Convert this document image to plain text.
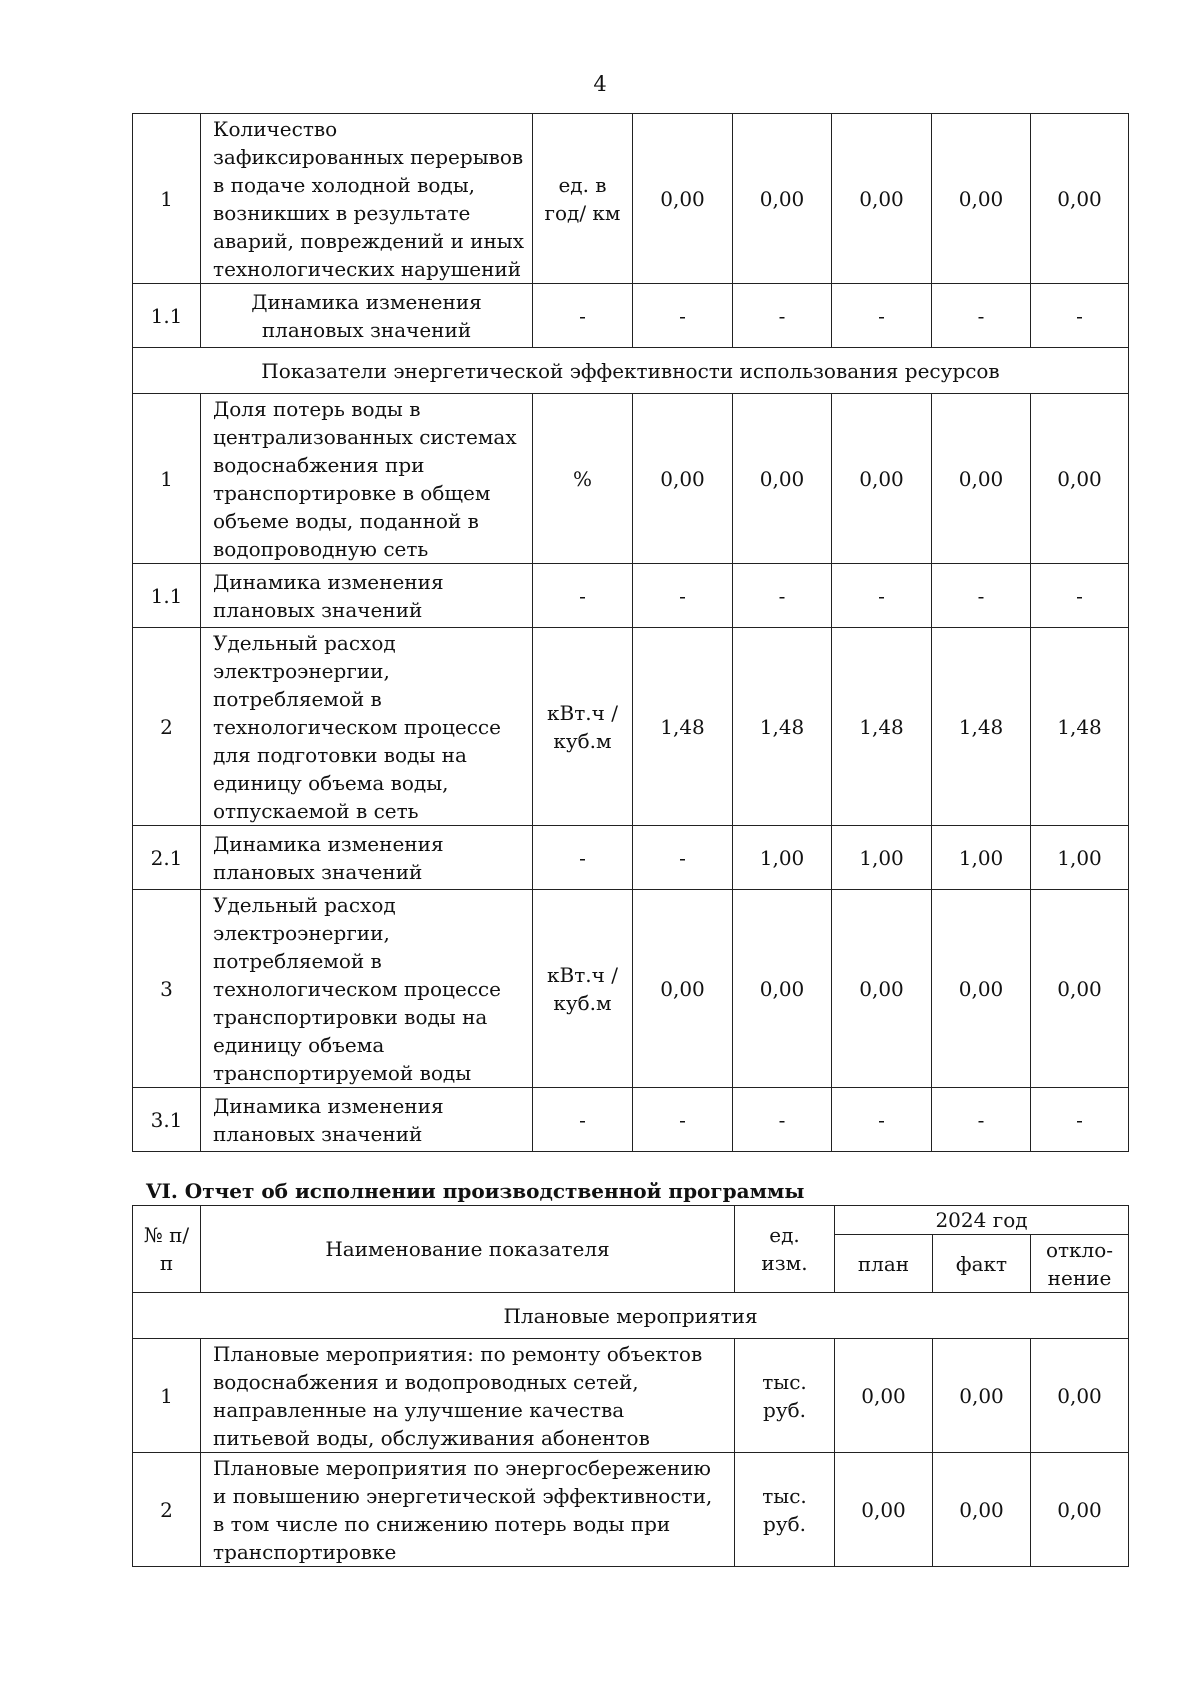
4
1	Количество зафиксированных перерывов в подаче холодной воды, возникших в результате аварий, повреждений и иных технологических нарушений	ед. в год/ км	0,00	0,00	0,00	0,00	0,00
1.1	Динамика изменения плановых значений	-	-	-	-	-	-
Показатели энергетической эффективности использования ресурсов							
1	Доля потерь воды в централизованных системах водоснабжения при транспортировке в общем объеме воды, поданной в водопроводную сеть	%	0,00	0,00	0,00	0,00	0,00
1.1	Динамика изменения плановых значений	-	-	-	-	-	-
2	Удельный расход электроэнергии, потребляемой в технологическом процессе для подготовки воды на единицу объема воды, отпускаемой в сеть	кВт.ч / куб.м	1,48	1,48	1,48	1,48	1,48
2.1	Динамика изменения плановых значений	-	-	1,00	1,00	1,00	1,00
3	Удельный расход электроэнергии, потребляемой в технологическом процессе транспортировки воды на единицу объема транспортируемой воды	кВт.ч / куб.м	0,00	0,00	0,00	0,00	0,00
3.1	Динамика изменения плановых значений	-	-	-	-	-	-
VI. Отчет об исполнении производственной программы
№ п/п	Наименование показателя	ед. изм.	2024 год		
			план	факт	откло-нение
Плановые мероприятия					
1	Плановые мероприятия: по ремонту объектов водоснабжения и водопроводных сетей, направленные на улучшение качества питьевой воды, обслуживания абонентов	тыс. руб.	0,00	0,00	0,00
2	Плановые мероприятия по энергосбережению и повышению энергетической эффективности, в том числе по снижению потерь воды при транспортировке	тыс. руб.	0,00	0,00	0,00
